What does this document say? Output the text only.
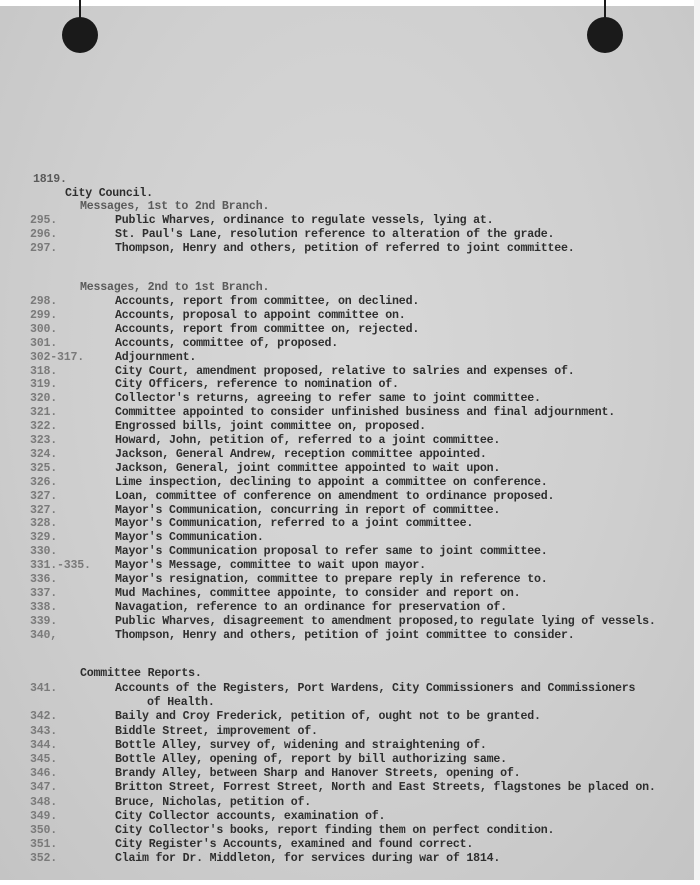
1819.
City Council.
Messages, 1st to 2nd Branch.
295.	Public Wharves, ordinance to regulate vessels, lying at.
296.	St. Paul's Lane, resolution reference to alteration of the grade.
297.	Thompson, Henry and others, petition of referred to joint committee.
Messages, 2nd to 1st Branch.
298.	Accounts, report from committee, on declined.
299.	Accounts, proposal to appoint committee on.
300.	Accounts, report from committee on, rejected.
301.	Accounts, committee of, proposed.
302-317.	Adjournment.
318.	City Court, amendment proposed, relative to salries and expenses of.
319.	City Officers, reference to nomination of.
320.	Collector's returns, agreeing to refer same to joint committee.
321.	Committee appointed to consider unfinished business and final adjournment.
322.	Engrossed bills, joint committee on, proposed.
323.	Howard, John, petition of, referred to a joint committee.
324.	Jackson, General Andrew, reception committee appointed.
325.	Jackson, General, joint committee appointed to wait upon.
326.	Lime inspection, declining to appoint a committee on conference.
327.	Loan, committee of conference on amendment to ordinance proposed.
327.	Mayor's Communication, concurring in report of committee.
328.	Mayor's Communication, referred to a joint committee.
329.	Mayor's Communication.
330.	Mayor's Communication proposal to refer same to joint committee.
331.-335. Mayor's Message, committee to wait upon mayor.
336.	Mayor's resignation, committee to prepare reply in reference to.
337.	Mud Machines, committee appointe, to consider and report on.
338.	Navagation, reference to an ordinance for preservation of.
339.	Public Wharves, disagreement to amendment proposed,to regulate lying of vessels.
340,	Thompson, Henry and others, petition of joint committee to consider.
Committee Reports.
341.	Accounts of the Registers, Port Wardens, City Commissioners and Commissioners
of Health.
342.	Baily and Croy Frederick, petition of, ought not to be granted.
343.	Biddle Street, improvement of.
344.	Bottle Alley, survey of, widening and straightening of.
345.	Bottle Alley, opening of, report by bill authorizing same.
346.	Brandy Alley, between Sharp and Hanover Streets, opening of.
347.	Britton Street, Forrest Street, North and East Streets, flagstones be placed on.
348.	Bruce, Nicholas, petition of.
349.	City Collector accounts, examination of.
350.	City Collector's books, report finding them on perfect condition.
351.	City Register's Accounts, examined and found correct.
352.	Claim for Dr. Middleton, for services during war of 1814.
